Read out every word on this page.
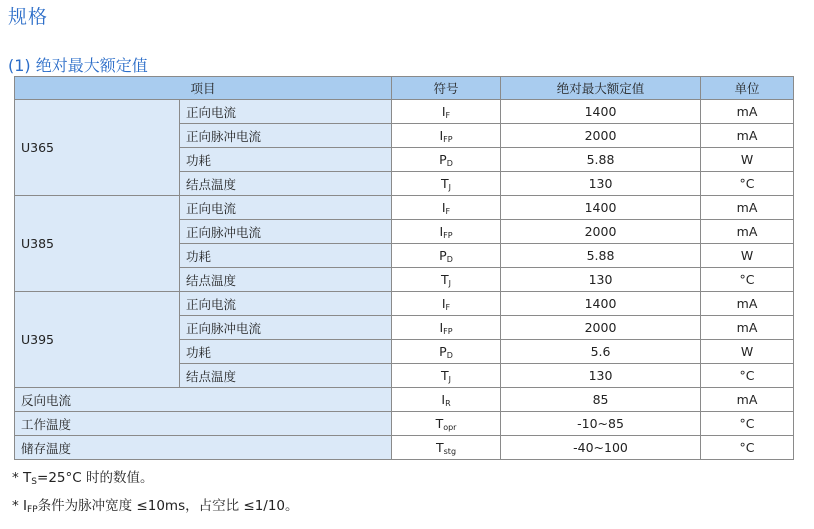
规格
(1) 绝对最大额定值
项目		符号	绝对最大额定值	单位
U365	正向电流	IF	1400	mA
	正向脉冲电流	IFP	2000	mA
	功耗	PD	5.88	W
	结点温度	TJ	130	°C
U385	正向电流	IF	1400	mA
	正向脉冲电流	IFP	2000	mA
	功耗	PD	5.88	W
	结点温度	TJ	130	°C
U395	正向电流	IF	1400	mA
	正向脉冲电流	IFP	2000	mA
	功耗	PD	5.6	W
	结点温度	TJ	130	°C
反向电流		IR	85	mA
工作温度		Topr	-10~85	°C
储存温度		Tstg	-40~100	°C
* TS=25°C 时的数值。
* IFP条件为脉冲宽度 ≤10ms，占空比 ≤1/10。
